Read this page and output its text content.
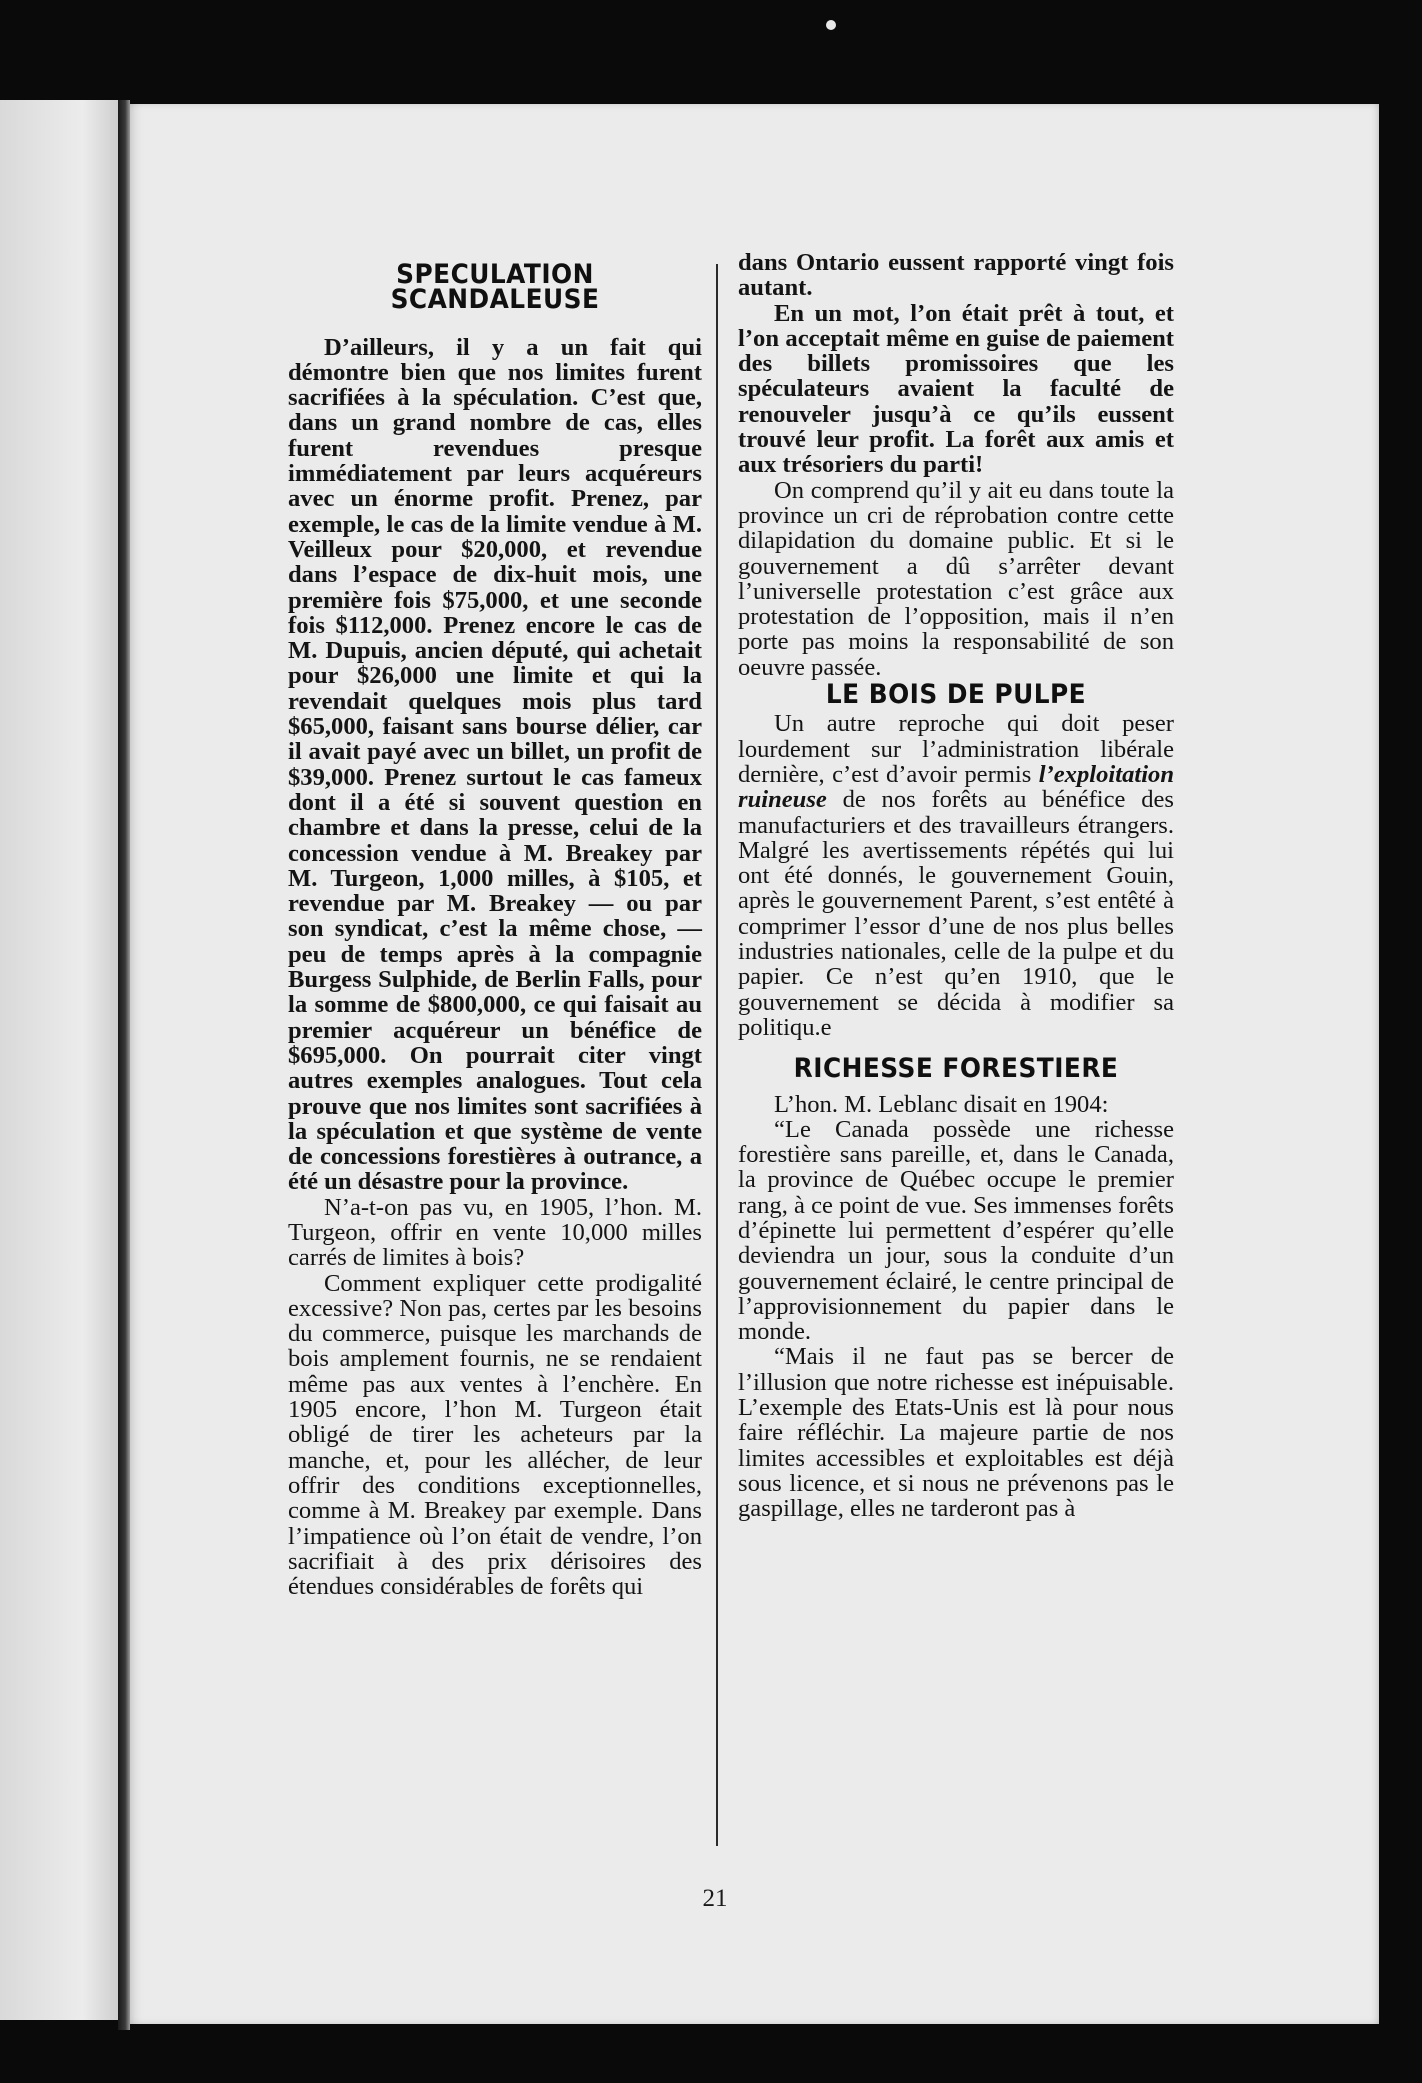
SPECULATION SCANDALEUSE

D’ailleurs, il y a un fait qui démontre bien que nos limites furent sacrifiées à la spéculation. C’est que, dans un grand nombre de cas, elles furent revendues presque immédiatement par leurs acquéreurs avec un énorme profit. Prenez, par exemple, le cas de la limite vendue à M. Veilleux pour $20,000, et revendue dans l’espace de dix-huit mois, une première fois $75,000, et une seconde fois $112,000. Prenez encore le cas de M. Dupuis, ancien député, qui achetait pour $26,000 une limite et qui la revendait quelques mois plus tard $65,000, faisant sans bourse délier, car il avait payé avec un billet, un profit de $39,000. Prenez surtout le cas fameux dont il a été si souvent question en chambre et dans la presse, celui de la concession vendue à M. Breakey par M. Turgeon, 1,000 milles, à $105, et revendue par M. Breakey — ou par son syndicat, c’est la même chose, — peu de temps après à la compagnie Burgess Sulphide, de Berlin Falls, pour la somme de $800,000, ce qui faisait au premier acquéreur un bénéfice de $695,000. On pourrait citer vingt autres exemples analogues. Tout cela prouve que nos limites sont sacrifiées à la spéculation et que système de vente de concessions forestières à outrance, a été un désastre pour la province.

N’a-t-on pas vu, en 1905, l’hon. M. Turgeon, offrir en vente 10,000 milles carrés de limites à bois?

Comment expliquer cette prodigalité excessive? Non pas, certes par les besoins du commerce, puisque les marchands de bois amplement fournis, ne se rendaient même pas aux ventes à l’enchère. En 1905 encore, l’hon M. Turgeon était obligé de tirer les acheteurs par la manche, et, pour les allécher, de leur offrir des conditions exceptionnelles, comme à M. Breakey par exemple. Dans l’impatience où l’on était de vendre, l’on sacrifiait à des prix dérisoires des étendues considérables de forêts qui

dans Ontario eussent rapporté vingt fois autant.

En un mot, l’on était prêt à tout, et l’on acceptait même en guise de paiement des billets promissoires que les spéculateurs avaient la faculté de renouveler jusqu’à ce qu’ils eussent trouvé leur profit. La forêt aux amis et aux trésoriers du parti!

On comprend qu’il y ait eu dans toute la province un cri de réprobation contre cette dilapidation du domaine public. Et si le gouvernement a dû s’arrêter devant l’universelle protestation c’est grâce aux protestation de l’opposition, mais il n’en porte pas moins la responsabilité de son oeuvre passée.

LE BOIS DE PULPE

Un autre reproche qui doit peser lourdement sur l’administration libérale dernière, c’est d’avoir permis l’exploitation ruineuse de nos forêts au bénéfice des manufacturiers et des travailleurs étrangers. Malgré les avertissements répétés qui lui ont été donnés, le gouvernement Gouin, après le gouvernement Parent, s’est entêté à comprimer l’essor d’une de nos plus belles industries nationales, celle de la pulpe et du papier. Ce n’est qu’en 1910, que le gouvernement se décida à modifier sa politiqu.e

RICHESSE FORESTIERE

L’hon. M. Leblanc disait en 1904:

“Le Canada possède une richesse forestière sans pareille, et, dans le Canada, la province de Québec occupe le premier rang, à ce point de vue. Ses immenses forêts d’épinette lui permettent d’espérer qu’elle deviendra un jour, sous la conduite d’un gouvernement éclairé, le centre principal de l’approvisionnement du papier dans le monde.

“Mais il ne faut pas se bercer de l’illusion que notre richesse est inépuisable. L’exemple des Etats-Unis est là pour nous faire réfléchir. La majeure partie de nos limites accessibles et exploitables est déjà sous licence, et si nous ne prévenons pas le gaspillage, elles ne tarderont pas à

21
